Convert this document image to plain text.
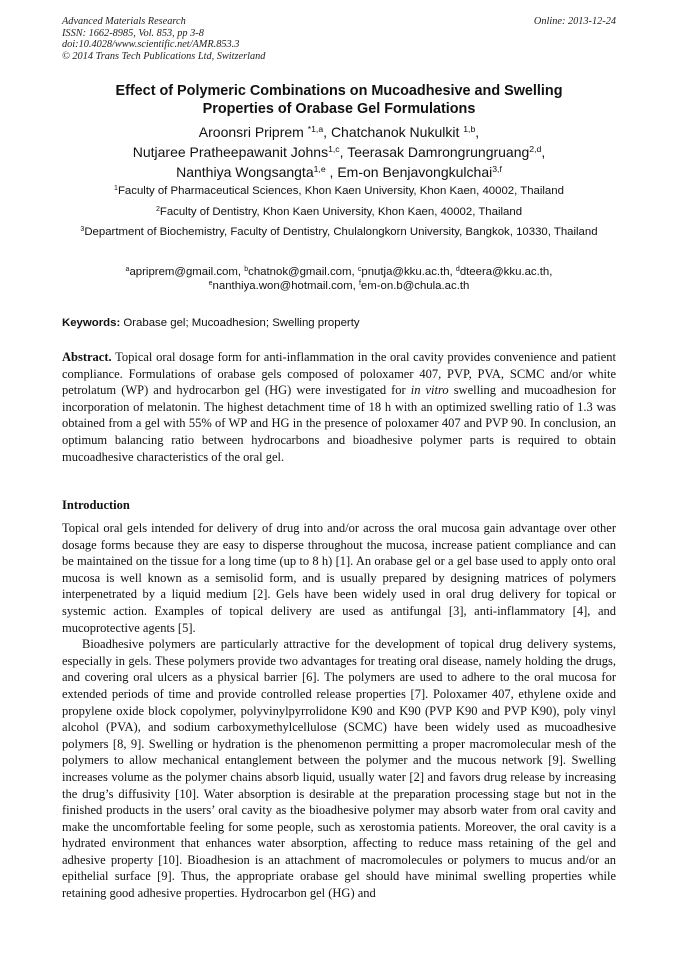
Advanced Materials Research
ISSN: 1662-8985, Vol. 853, pp 3-8
doi:10.4028/www.scientific.net/AMR.853.3
© 2014 Trans Tech Publications Ltd, Switzerland
Online: 2013-12-24
Effect of Polymeric Combinations on Mucoadhesive and Swelling
Properties of Orabase Gel Formulations
Aroonsri Priprem $^{*1,a}$, Chatchanok Nukulkit $^{1,b}$,
Nutjaree Pratheepawanit Johns$^{1,c}$, Teerasak Damrongrungruang$^{2,d}$,
Nanthiya Wongsangta$^{1,e}$ , Em-on Benjavongkulchai$^{3,f}$
$^1$Faculty of Pharmaceutical Sciences, Khon Kaen University, Khon Kaen, 40002, Thailand
$^2$Faculty of Dentistry, Khon Kaen University, Khon Kaen, 40002, Thailand
$^3$Department of Biochemistry, Faculty of Dentistry, Chulalongkorn University, Bangkok, 10330, Thailand
$^a$apriprem@gmail.com, $^b$chatnok@gmail.com, $^c$pnutja@kku.ac.th, $^d$dteera@kku.ac.th,
$^e$nanthiya.won@hotmail.com, $^f$em-on.b@chula.ac.th
Keywords: Orabase gel; Mucoadhesion; Swelling property
Abstract. Topical oral dosage form for anti-inflammation in the oral cavity provides convenience and patient compliance. Formulations of orabase gels composed of poloxamer 407, PVP, PVA, SCMC and/or white petrolatum (WP) and hydrocarbon gel (HG) were investigated for in vitro swelling and mucoadhesion for incorporation of melatonin. The highest detachment time of 18 h with an optimized swelling ratio of 1.3 was obtained from a gel with 55% of WP and HG in the presence of poloxamer 407 and PVP 90. In conclusion, an optimum balancing ratio between hydrocarbons and bioadhesive polymer parts is required to obtain mucoadhesive characteristics of the oral gel.
Introduction

Topical oral gels intended for delivery of drug into and/or across the oral mucosa gain advantage over other dosage forms because they are easy to disperse throughout the mucosa, increase patient compliance and can be maintained on the tissue for a long time (up to 8 h) [1]. An orabase gel or a gel base used to apply onto oral mucosa is well known as a semisolid form, and is usually prepared by designing matrices of polymers interpenetrated by a liquid medium [2]. Gels have been widely used in oral drug delivery for topical or systemic action. Examples of topical delivery are used as antifungal [3], anti-inflammatory [4], and mucoprotective agents [5].

Bioadhesive polymers are particularly attractive for the development of topical drug delivery systems, especially in gels. These polymers provide two advantages for treating oral disease, namely holding the drugs, and covering oral ulcers as a physical barrier [6]. The polymers are used to adhere to the oral mucosa for extended periods of time and provide controlled release properties [7]. Poloxamer 407, ethylene oxide and propylene oxide block copolymer, polyvinylpyrrolidone K90 and K90 (PVP K90 and PVP K90), poly vinyl alcohol (PVA), and sodium carboxymethylcellulose (SCMC) have been widely used as mucoadhesive polymers [8, 9]. Swelling or hydration is the phenomenon permitting a proper macromolecular mesh of the polymers to allow mechanical entanglement between the polymer and the mucous network [9]. Swelling increases volume as the polymer chains absorb liquid, usually water [2] and favors drug release by increasing the drug’s diffusivity [10]. Water absorption is desirable at the preparation processing stage but not in the finished products in the users’ oral cavity as the bioadhesive polymer may absorb water from oral cavity and make the uncomfortable feeling for some people, such as xerostomia patients. Moreover, the oral cavity is a hydrated environment that enhances water absorption, affecting to reduce mass retaining of the gel and adhesive property [10]. Bioadhesion is an attachment of macromolecules or polymers to mucus and/or an epithelial surface [9]. Thus, the appropriate orabase gel should have minimal swelling properties while retaining good adhesive properties. Hydrocarbon gel (HG) and
